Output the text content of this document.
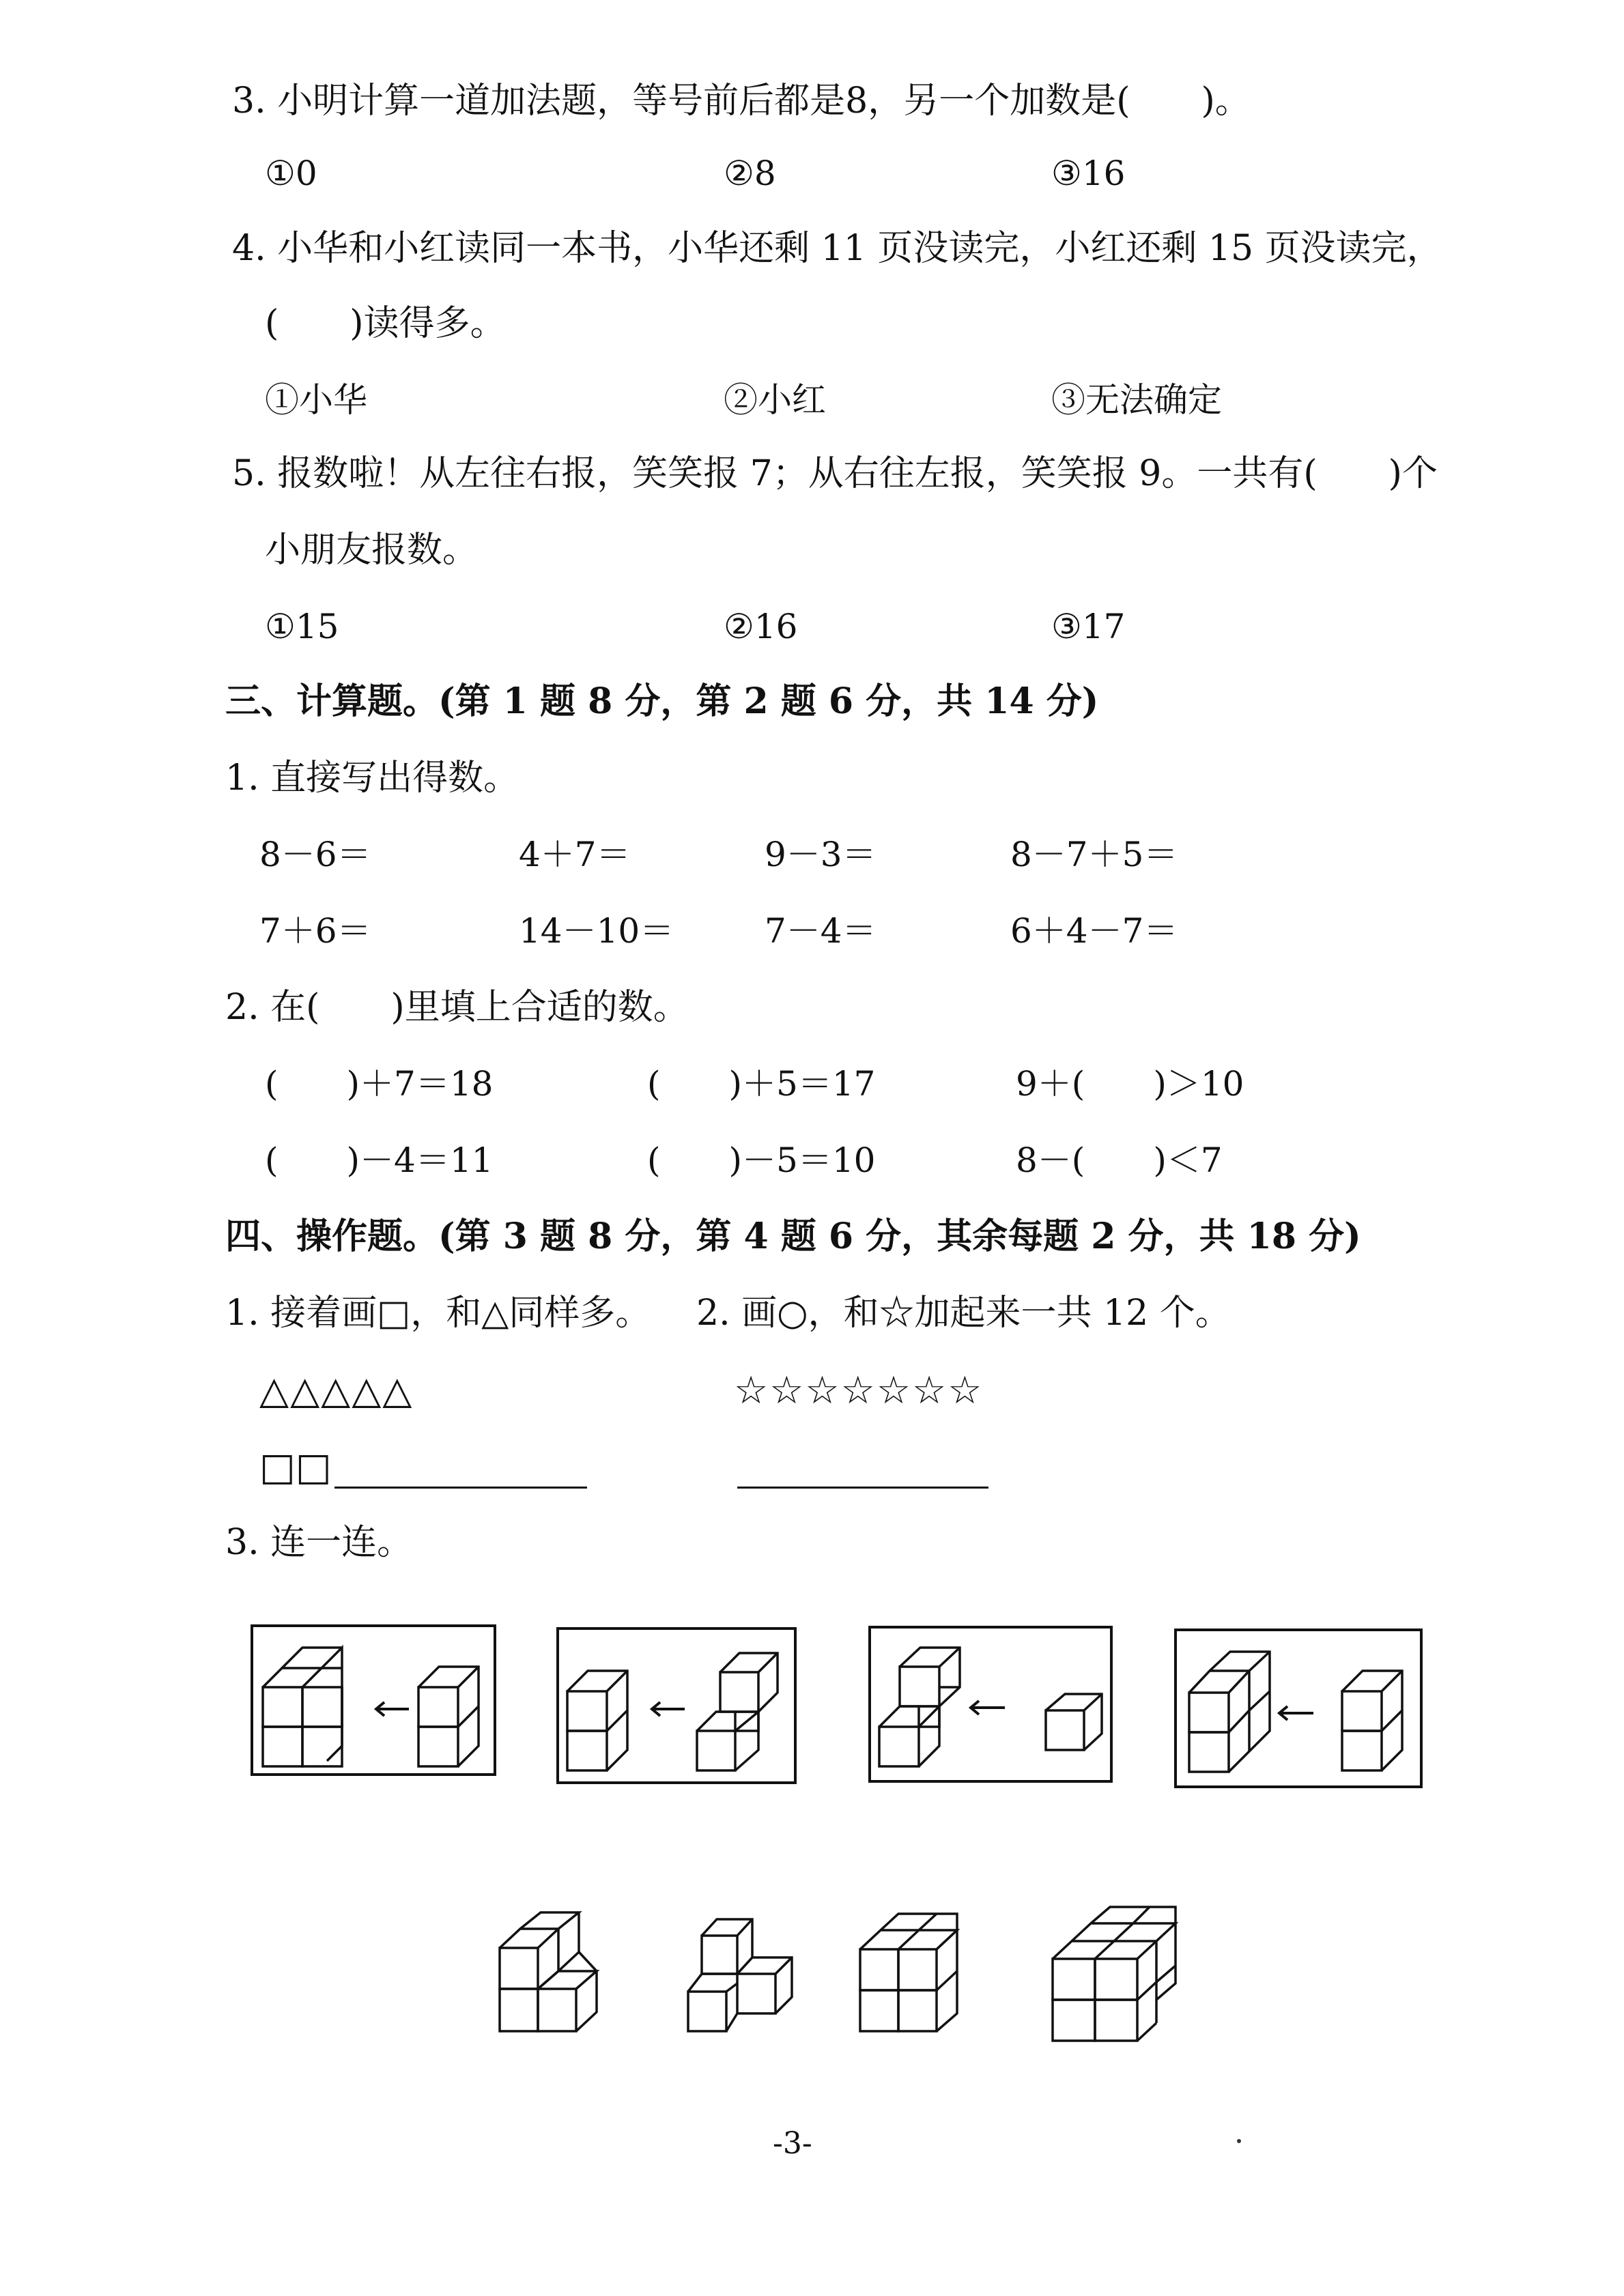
3. 小明计算一道加法题，等号前后都是8，另一个加数是(　　)。
①0	②8	③16
4. 小华和小红读同一本书，小华还剩 11 页没读完，小红还剩 15 页没读完，
(　　)读得多。
①小华	②小红	③无法确定
5. 报数啦！从左往右报，笑笑报 7；从右往左报，笑笑报 9。一共有(　　)个
小朋友报数。
①15	②16	③17
三、计算题。(第 1 题 8 分，第 2 题 6 分，共 14 分)
1. 直接写出得数。
8－6＝	4＋7＝	9－3＝	8－7＋5＝
7＋6＝	14－10＝	7－4＝	6＋4－7＝
2. 在(　　)里填上合适的数。
(　　)＋7＝18	(　　)＋5＝17	9＋(　　)＞10
(　　)－4＝11	(　　)－5＝10	8－(　　)＜7
四、操作题。(第 3 题 8 分，第 4 题 6 分，其余每题 2 分，共 18 分)
1. 接着画□，和△同样多。 2. 画○，和☆加起来一共 12 个。
△△△△△	☆☆☆☆☆☆☆
□□
3. 连一连。
-3-
